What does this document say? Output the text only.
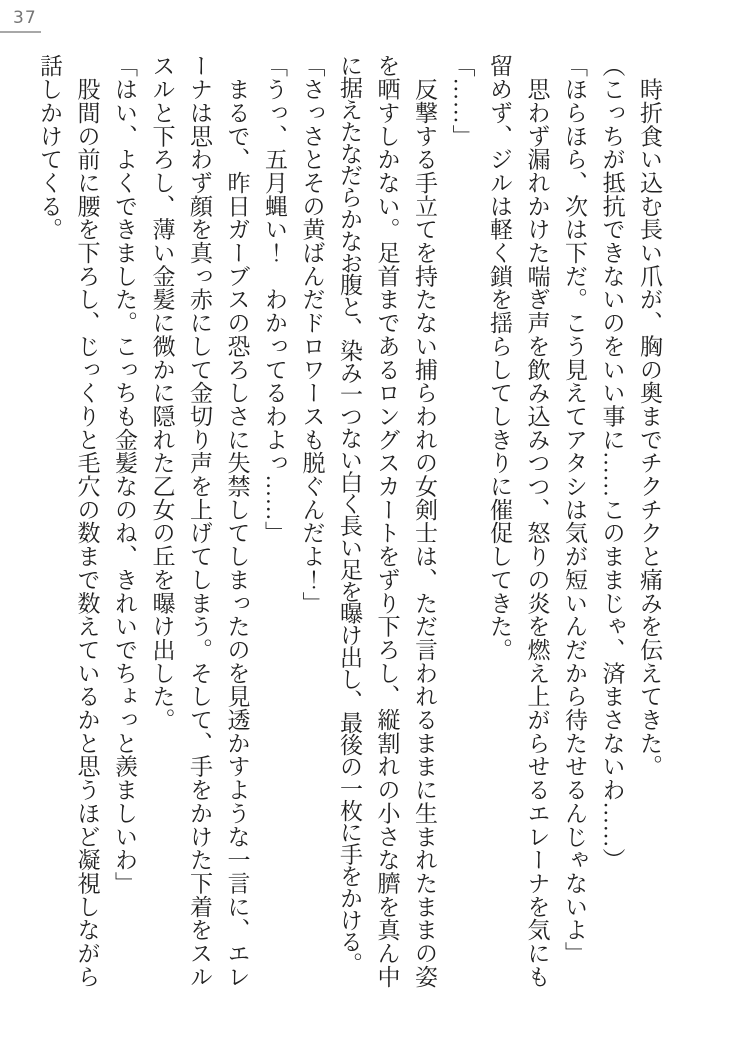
37

　時折食い込む長い爪が、胸の奥までチクチクと痛みを伝えてきた。

（こっちが抵抗できないのをいい事に……このままじゃ、済まさないわ……）

「ほらほら、次は下だ。こう見えてアタシは気が短いんだから待たせるんじゃないよ」

　思わず漏れかけた喘ぎ声を飲み込みつつ、怒りの炎を燃え上がらせるエレーナを気にも

留めず、ジルは軽く鎖を揺らしてしきりに催促してきた。

「……」

　反撃する手立てを持たない捕らわれの女剣士は、ただ言われるままに生まれたままの姿

を晒すしかない。足首まであるロングスカートをずり下ろし、縦割れの小さな臍を真ん中

に据えたなだらかなお腹と、染み一つない白く長い足を曝け出し、最後の一枚に手をかける。

「さっさとその黄ばんだドロワースも脱ぐんだよ！」

「うっ、五月蝿い！　わかってるわよっ……」

　まるで、昨日ガーブスの恐ろしさに失禁してしまったのを見透かすような一言に、エレ

ーナは思わず顔を真っ赤にして金切り声を上げてしまう。そして、手をかけた下着をスル

スルと下ろし、薄い金髪に微かに隠れた乙女の丘を曝け出した。

「はい、よくできました。こっちも金髪なのね、きれいでちょっと羨ましいわ」

　股間の前に腰を下ろし、じっくりと毛穴の数まで数えているかと思うほど凝視しながら

話しかけてくる。
